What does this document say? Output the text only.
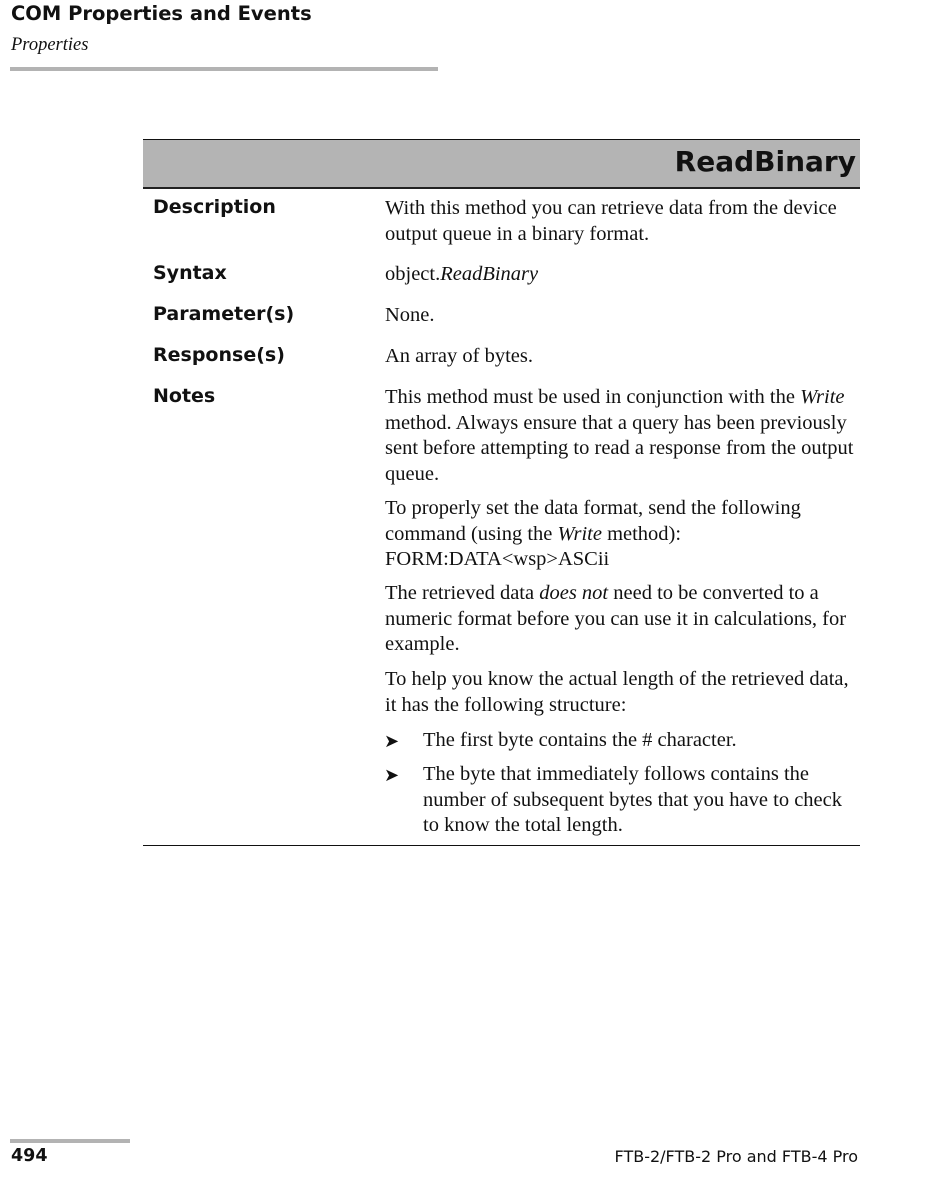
COM Properties and Events
Properties
ReadBinary
Description	With this method you can retrieve data from the device output queue in a binary format.
Syntax	object.ReadBinary
Parameter(s)	None.
Response(s)	An array of bytes.
Notes	This method must be used in conjunction with the Write method. Always ensure that a query has been previously sent before attempting to read a response from the output queue.
To properly set the data format, send the following command (using the Write method): FORM:DATA<wsp>ASCii
The retrieved data does not need to be converted to a numeric format before you can use it in calculations, for example.
To help you know the actual length of the retrieved data, it has the following structure:
➤ The first byte contains the # character.
➤ The byte that immediately follows contains the number of subsequent bytes that you have to check to know the total length.
494	FTB-2/FTB-2 Pro and FTB-4 Pro
